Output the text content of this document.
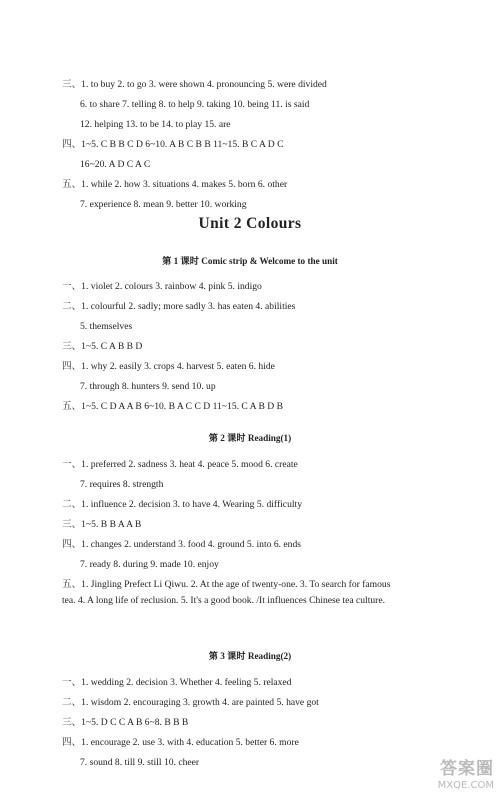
三、1. to buy 2. to go 3. were shown 4. pronouncing 5. were divided
6. to share 7. telling 8. to help 9. taking 10. being 11. is said
12. helping 13. to be 14. to play 15. are
四、1~5. C B B C D 6~10. A B C B B 11~15. B C A D C
16~20. A D C A C
五、1. while 2. how 3. situations 4. makes 5. born 6. other
7. experience 8. mean 9. better 10. working
Unit 2 Colours
第 1 课时 Comic strip & Welcome to the unit
一、1. violet 2. colours 3. rainbow 4. pink 5. indigo
二、1. colourful 2. sadly; more sadly 3. has eaten 4. abilities
5. themselves
三、1~5. C A B B D
四、1. why 2. easily 3. crops 4. harvest 5. eaten 6. hide
7. through 8. hunters 9. send 10. up
五、1~5. C D A A B 6~10. B A C C D 11~15. C A B D B
第 2 课时 Reading(1)
一、1. preferred 2. sadness 3. heat 4. peace 5. mood 6. create
7. requires 8. strength
二、1. influence 2. decision 3. to have 4. Wearing 5. difficulty
三、1~5. B B A A B
四、1. changes 2. understand 3. food 4. ground 5. into 6. ends
7. ready 8. during 9. made 10. enjoy
五、1. Jingling Prefect Li Qiwu. 2. At the age of twenty-one. 3. To search for famous tea. 4. A long life of reclusion. 5. It's a good book. /It influences Chinese tea culture.
第 3 课时 Reading(2)
一、1. wedding 2. decision 3. Whether 4. feeling 5. relaxed
二、1. wisdom 2. encouraging 3. growth 4. are painted 5. have got
三、1~5. D C C A B 6~8. B B B
四、1. encourage 2. use 3. with 4. education 5. better 6. more
7. sound 8. till 9. still 10. cheer	答案圈
MXQE.COM
